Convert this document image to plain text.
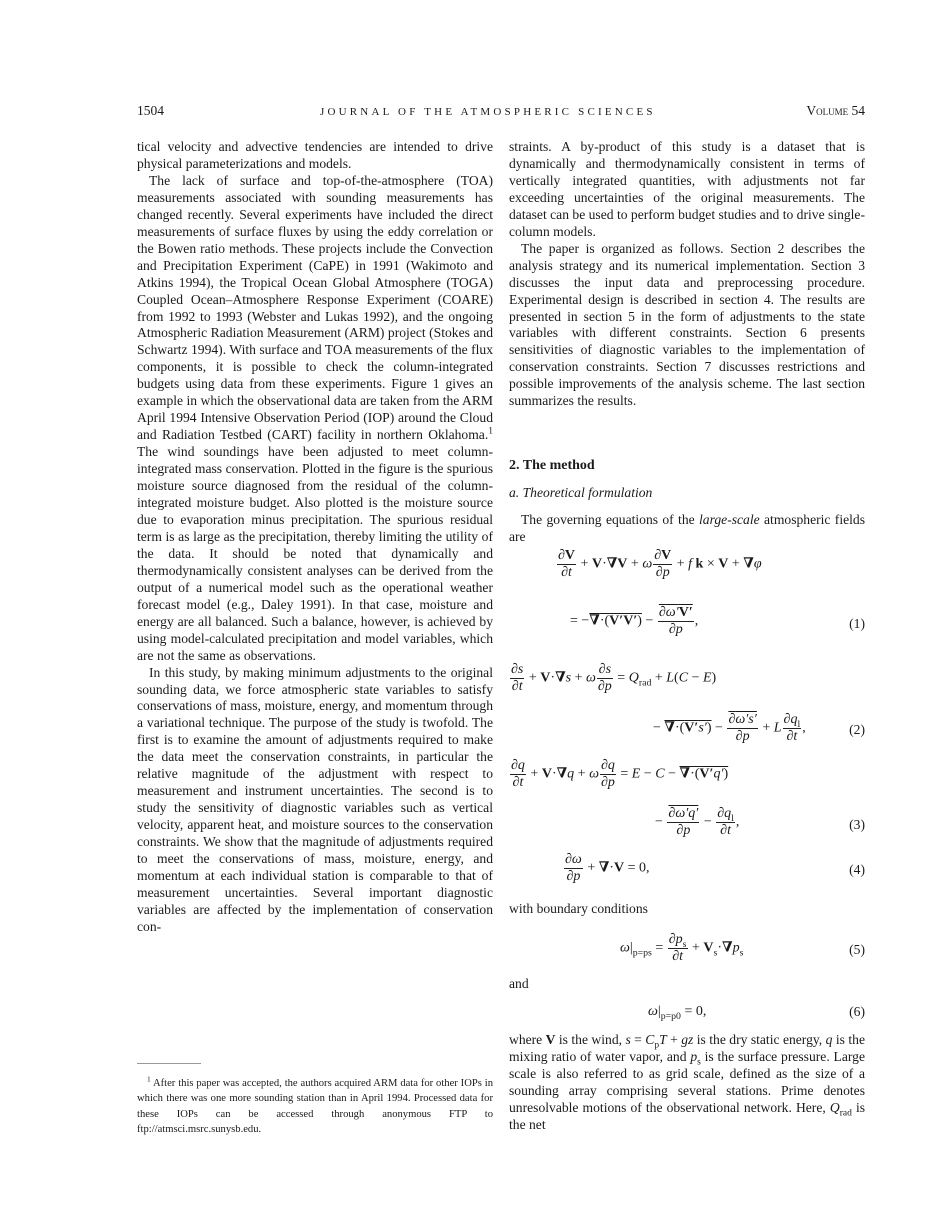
1504	JOURNAL OF THE ATMOSPHERIC SCIENCES	Volume 54

tical velocity and advective tendencies are intended to drive physical parameterizations and models.

The lack of surface and top-of-the-atmosphere (TOA) measurements associated with sounding measurements has changed recently. Several experiments have included the direct measurements of surface fluxes by using the eddy correlation or the Bowen ratio methods. These projects include the Convection and Precipitation Experiment (CaPE) in 1991 (Wakimoto and Atkins 1994), the Tropical Ocean Global Atmosphere (TOGA) Coupled Ocean–Atmosphere Response Experiment (COARE) from 1992 to 1993 (Webster and Lukas 1992), and the ongoing Atmospheric Radiation Measurement (ARM) project (Stokes and Schwartz 1994). With surface and TOA measurements of the flux components, it is possible to check the column-integrated budgets using data from these experiments. Figure 1 gives an example in which the observational data are taken from the ARM April 1994 Intensive Observation Period (IOP) around the Cloud and Radiation Testbed (CART) facility in northern Oklahoma.$^1$ The wind soundings have been adjusted to meet column-integrated mass conservation. Plotted in the figure is the spurious moisture source diagnosed from the residual of the column-integrated moisture budget. Also plotted is the moisture source due to evaporation minus precipitation. The spurious residual term is as large as the precipitation, thereby limiting the utility of the data. It should be noted that dynamically and thermodynamically consistent analyses can be derived from the output of a numerical model such as the operational weather forecast model (e.g., Daley 1991). In that case, moisture and energy are all balanced. Such a balance, however, is achieved by using model-calculated precipitation and model variables, which are not the same as observations.

In this study, by making minimum adjustments to the original sounding data, we force atmospheric state variables to satisfy conservations of mass, moisture, energy, and momentum through a variational technique. The purpose of the study is twofold. The first is to examine the amount of adjustments required to make the data meet the conservation constraints, in particular the relative magnitude of the adjustment with respect to measurement and instrument uncertainties. The second is to study the sensitivity of diagnostic variables such as vertical velocity, apparent heat, and moisture sources to the conservation constraints. We show that the magnitude of adjustments required to meet the conservations of mass, moisture, energy, and momentum at each individual station is comparable to that of measurement uncertainties. Several important diagnostic variables are affected by the implementation of conservation con-

straints. A by-product of this study is a dataset that is dynamically and thermodynamically consistent in terms of vertically integrated quantities, with adjustments not far exceeding uncertainties of the original measurements. The dataset can be used to perform budget studies and to drive single-column models.

The paper is organized as follows. Section 2 describes the analysis strategy and its numerical implementation. Section 3 discusses the input data and preprocessing procedure. Experimental design is described in section 4. The results are presented in section 5 in the form of adjustments to the state variables with different constraints. Section 6 presents sensitivities of diagnostic variables to the implementation of conservation constraints. Section 7 discusses restrictions and possible improvements of the analysis scheme. The last section summarizes the results.

2. The method
a. Theoretical formulation

The governing equations of the large-scale atmospheric fields are

$\frac{\partial V}{\partial t} + V\cdot\nabla V + \omega \frac{\partial V}{\partial p} + f$ k × V + ∇φ
= $-\nabla\cdot(V'V') - \frac{\partial\omega'V'}{\partial p}$ ,	(1)
$\frac{\partial s}{\partial t} + V\cdot\nabla s + \omega \frac{\partial s}{\partial p} = Q_{rad} + L(C - E)$
− $\nabla\cdot(V's') - \frac{\partial\omega's'}{\partial p} + L \frac{\partial q_l}{\partial t}$ ,	(2)
$\frac{\partial q}{\partial t} + V\cdot\nabla q + \omega \frac{\partial q}{\partial p} = E - C - \nabla\cdot(V'q')$
− $\frac{\partial\omega'q'}{\partial p} - \frac{\partial q_l}{\partial t}$ ,	(3)
$\frac{\partial\omega}{\partial p} + \nabla\cdot V = 0$,	(4)

with boundary conditions

$\omega|_{p=ps} = \frac{\partial p_s}{\partial t} + V_s\cdot\nabla p_s$	(5)

and

$\omega|_{p=p0} = 0$,	(6)

where V is the wind, $s = C_pT$ + gz is the dry static energy, q is the mixing ratio of water vapor, and $p_s$ is the surface pressure. Large scale is also referred to as grid scale, defined as the size of a sounding array comprising several stations. Prime denotes unresolvable motions of the observational network. Here, $Q_{rad}$ is the net

$^1$ After this paper was accepted, the authors acquired ARM data for other IOPs in which there was one more sounding station than in April 1994. Processed data for these IOPs can be accessed through anonymous FTP to ftp://atmsci.msrc.sunysb.edu.
